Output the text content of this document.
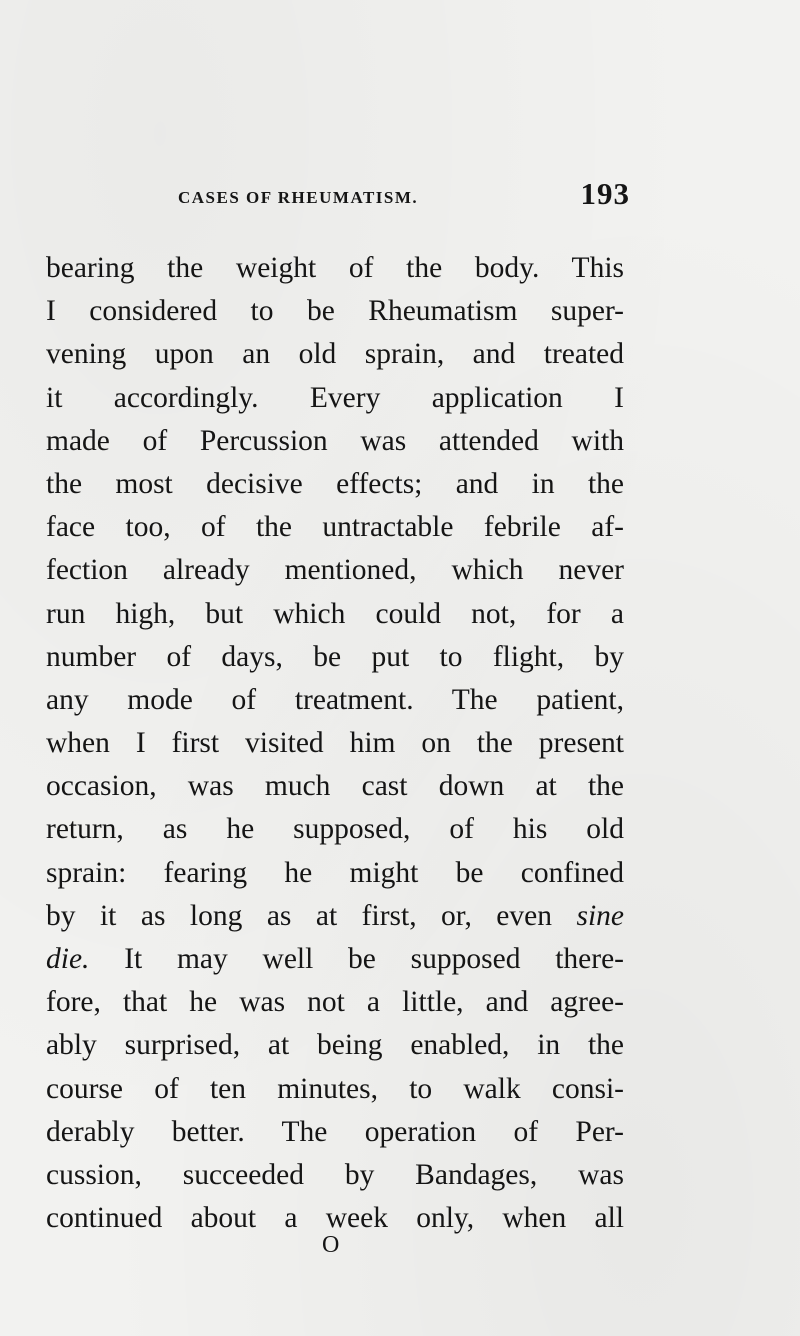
CASES OF RHEUMATISM.	193
bearing the weight of the body. This
I considered to be Rheumatism super-
vening upon an old sprain, and treated
it accordingly. Every application I
made of Percussion was attended with
the most decisive effects; and in the
face too, of the untractable febrile af-
fection already mentioned, which never
run high, but which could not, for a
number of days, be put to flight, by
any mode of treatment. The patient,
when I first visited him on the present
occasion, was much cast down at the
return, as he supposed, of his old
sprain: fearing he might be confined
by it as long as at first, or, even sine
die. It may well be supposed there-
fore, that he was not a little, and agree-
ably surprised, at being enabled, in the
course of ten minutes, to walk consi-
derably better. The operation of Per-
cussion, succeeded by Bandages, was
continued about a week only, when all
O
